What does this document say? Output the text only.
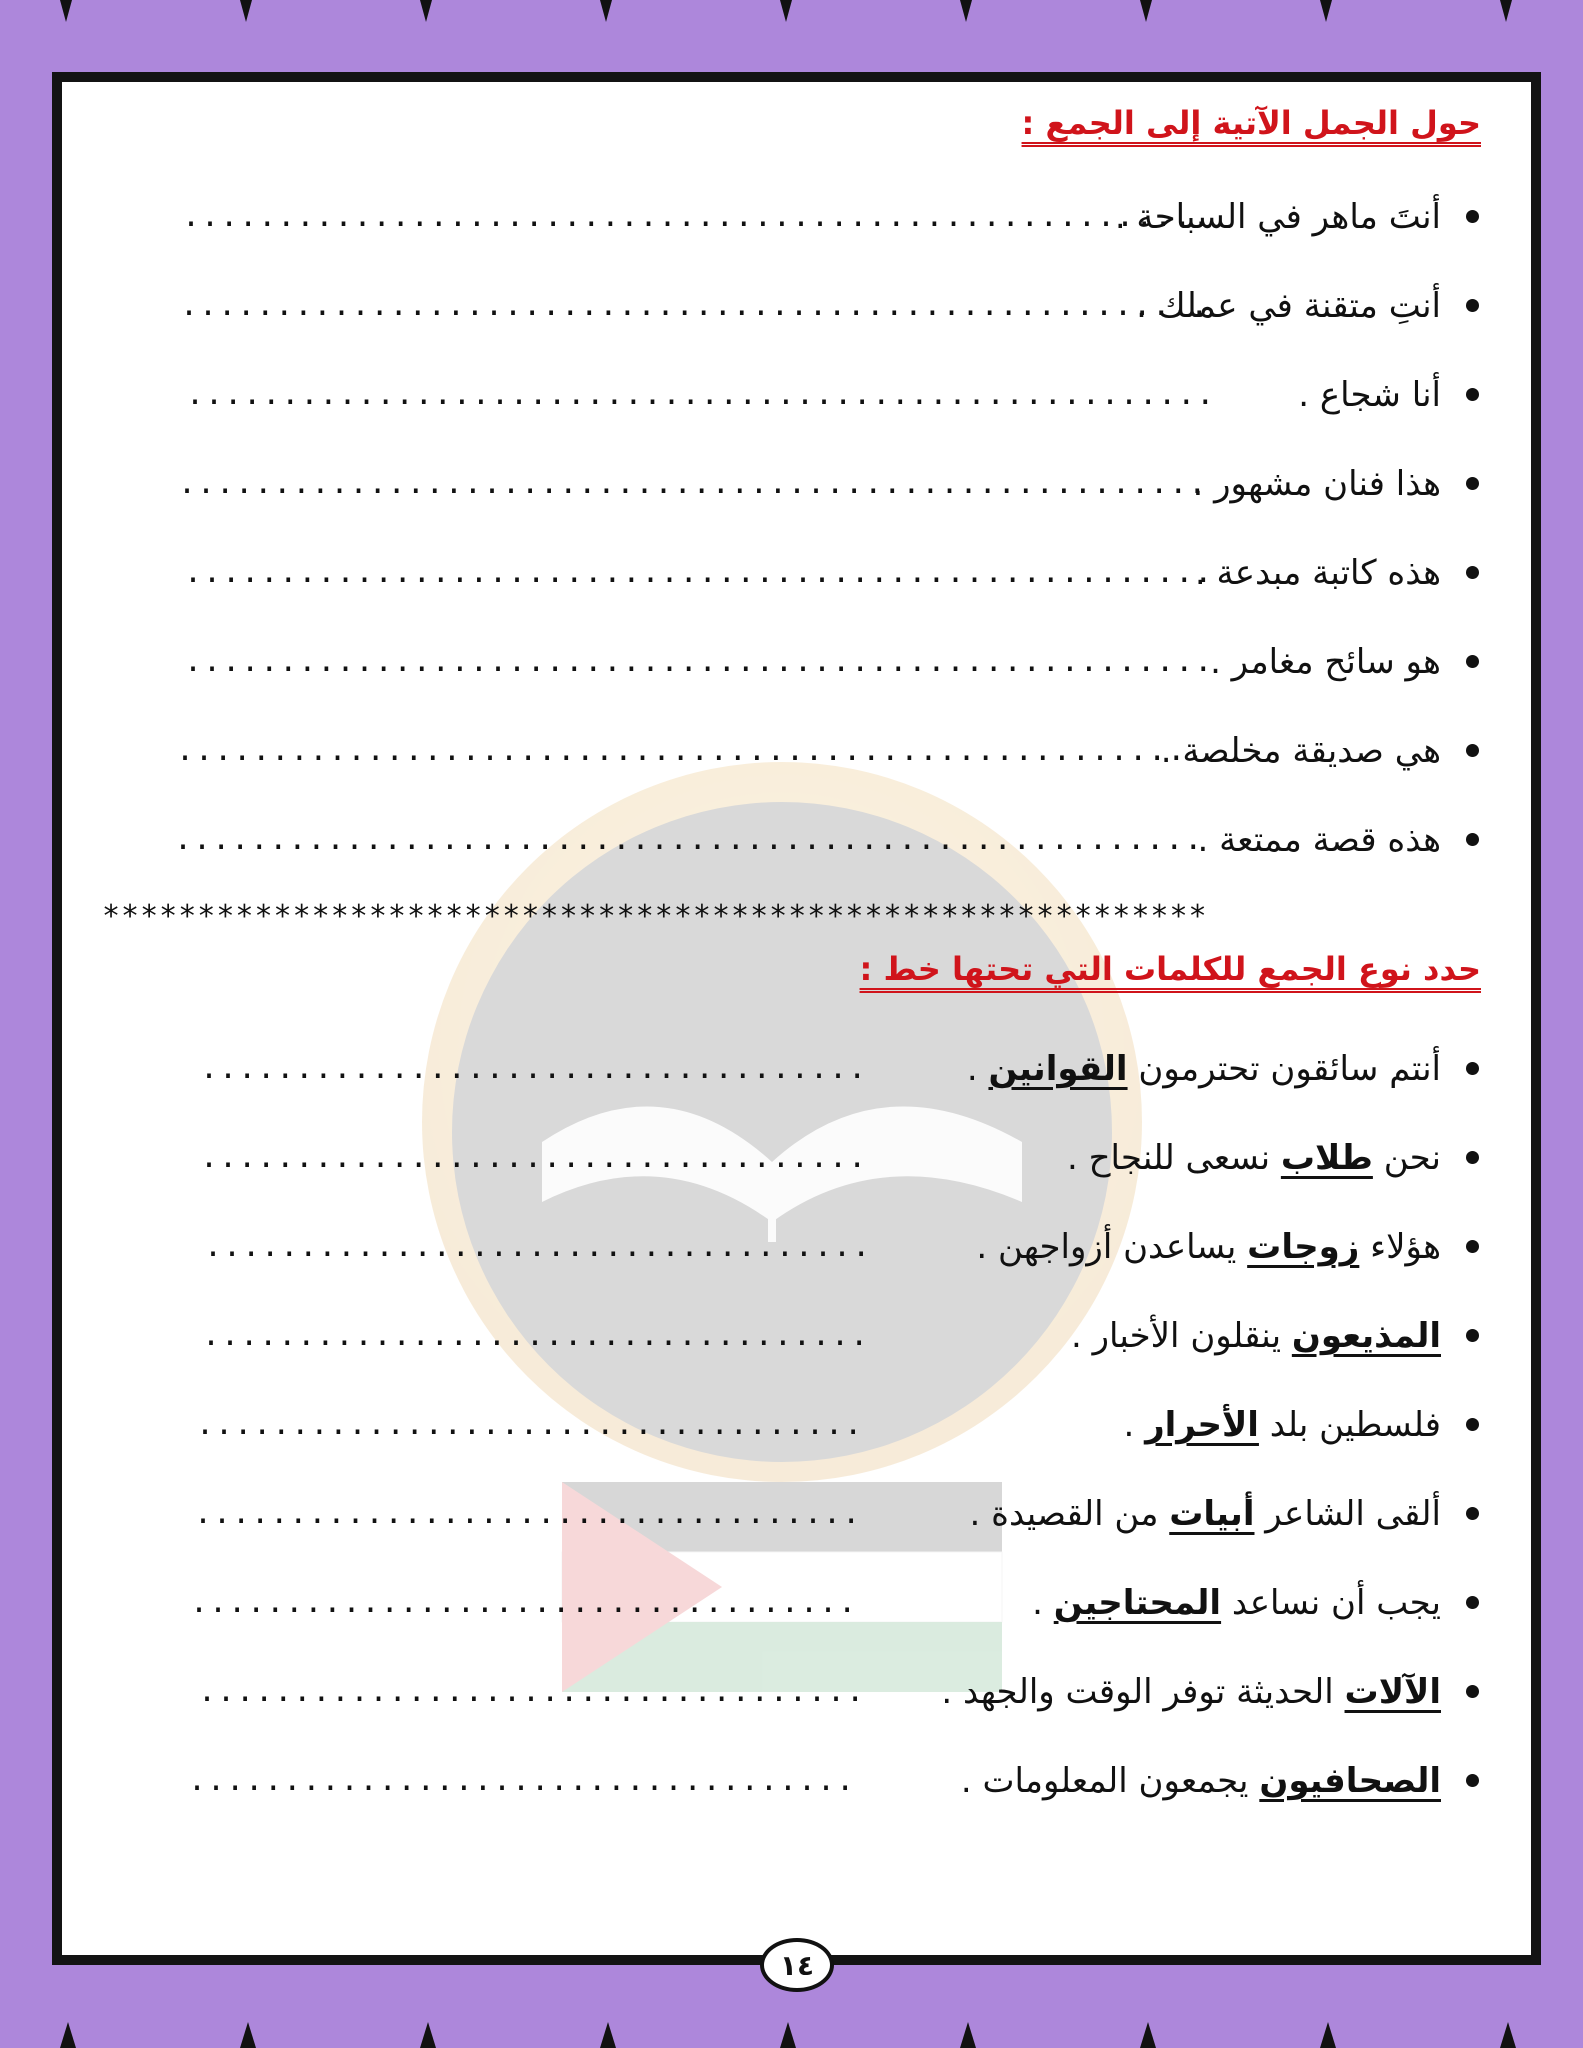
حول الجمل الآتية إلى الجمع :
أنتَ ماهر في السباحة .
......................................................
أنتِ متقنة في عملك .
......................................................
أنا شجاع .
......................................................
هذا فنان مشهور .
......................................................
هذه كاتبة مبدعة .
......................................................
هو سائح مغامر .
......................................................
هي صديقة مخلصة .
......................................................
هذه قصة ممتعة .
......................................................
**********************************************************
حدد نوع الجمع للكلمات التي تحتها خط :
أنتم سائقون تحترمون القوانين .
...................................
نحن طلاب نسعى للنجاح .
...................................
هؤلاء زوجات يساعدن أزواجهن .
...................................
المذيعون ينقلون الأخبار .
...................................
فلسطين بلد الأحرار .
...................................
ألقى الشاعر أبيات من القصيدة .
...................................
يجب أن نساعد المحتاجين .
...................................
الآلات الحديثة توفر الوقت والجهد .
...................................
الصحافيون يجمعون المعلومات .
...................................
١٤
